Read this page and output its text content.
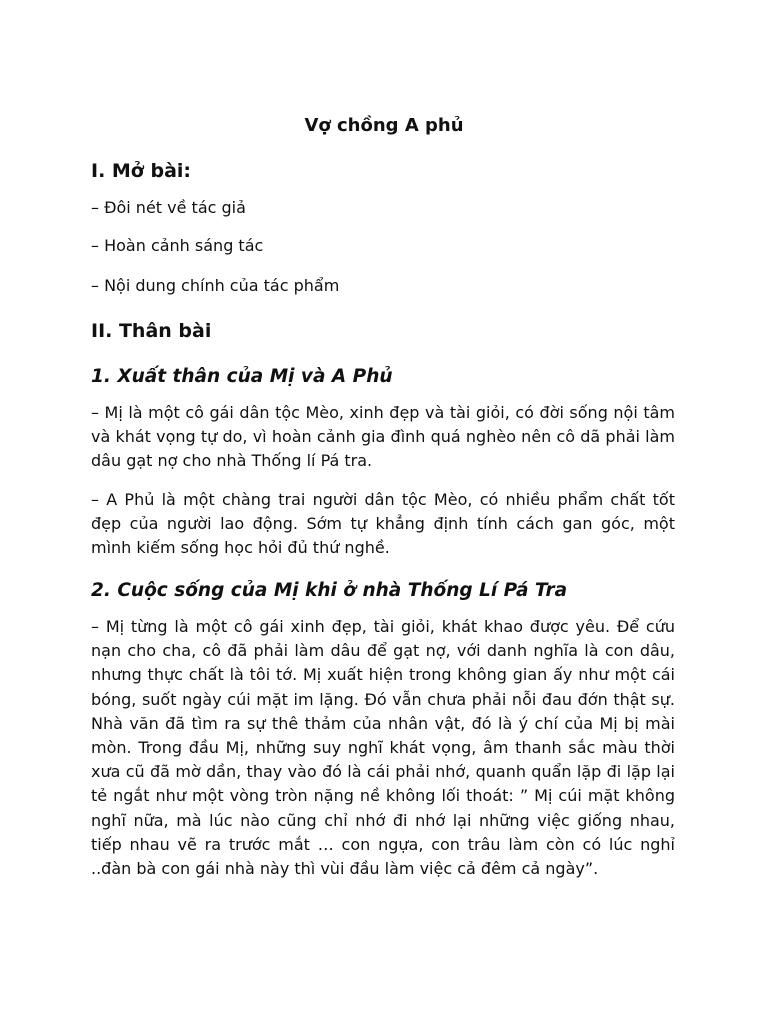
Vợ chồng A phủ
I. Mở bài:
– Đôi nét về tác giả
– Hoàn cảnh sáng tác
– Nội dung chính của tác phẩm
II. Thân bài
1. Xuất thân của Mị và A Phủ
– Mị là một cô gái dân tộc Mèo, xinh đẹp và tài giỏi, có đời sống nội tâm và khát vọng tự do, vì hoàn cảnh gia đình quá nghèo nên cô dã phải làm dâu gạt nợ cho nhà Thống lí Pá tra.
– A Phủ là một chàng trai người dân tộc Mèo, có nhiều phẩm chất tốt đẹp của người lao động. Sớm tự khẳng định tính cách gan góc, một mình kiếm sống học hỏi đủ thứ nghề.
2. Cuộc sống của Mị khi ở nhà Thống Lí Pá Tra
– Mị từng là một cô gái xinh đẹp, tài giỏi, khát khao được yêu. Để cứu nạn cho cha, cô đã phải làm dâu để gạt nợ, với danh nghĩa là con dâu, nhưng thực chất là tôi tớ. Mị xuất hiện trong không gian ấy như một cái bóng, suốt ngày cúi mặt im lặng. Đó vẫn chưa phải nỗi đau đớn thật sự. Nhà văn đã tìm ra sự thê thảm của nhân vật, đó là ý chí của Mị bị mài mòn. Trong đầu Mị, những suy nghĩ khát vọng, âm thanh sắc màu thời xưa cũ đã mờ dần, thay vào đó là cái phải nhớ, quanh quẩn lặp đi lặp lại tẻ ngắt như một vòng tròn nặng nề không lối thoát: ” Mị cúi mặt không nghĩ nữa, mà lúc nào cũng chỉ nhớ đi nhớ lại những việc giống nhau, tiếp nhau vẽ ra trước mắt … con ngựa, con trâu làm còn có lúc nghỉ ..đàn bà con gái nhà này thì vùi đầu làm việc cả đêm cả ngày”.
